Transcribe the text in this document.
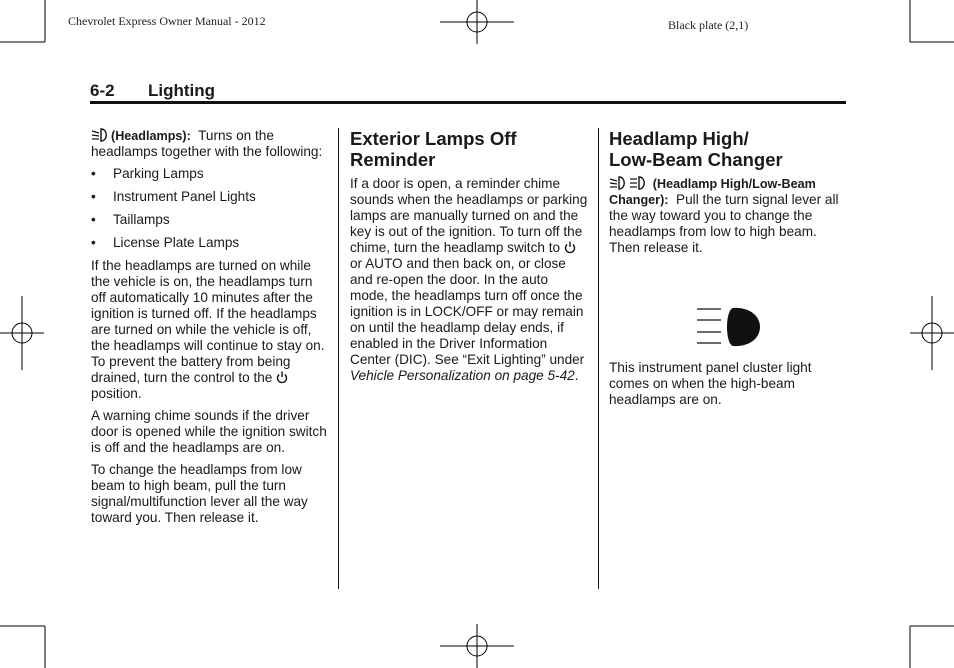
Chevrolet Express Owner Manual - 2012	Black plate (2,1)
6-2 Lighting

(Headlamps): Turns on the headlamps together with the following:

• Parking Lamps
• Instrument Panel Lights
• Taillamps
• License Plate Lamps

If the headlamps are turned on while the vehicle is on, the headlamps turn off automatically 10 minutes after the ignition is turned off. If the headlamps are turned on while the vehicle is off, the headlamps will continue to stay on. To prevent the battery from being drained, turn the control to the position.

A warning chime sounds if the driver door is opened while the ignition switch is off and the headlamps are on.

To change the headlamps from low beam to high beam, pull the turn signal/multifunction lever all the way toward you. Then release it.

Exterior Lamps Off Reminder

If a door is open, a reminder chime sounds when the headlamps or parking lamps are manually turned on and the key is out of the ignition. To turn off the chime, turn the headlamp switch to or AUTO and then back on, or close and re-open the door. In the auto mode, the headlamps turn off once the ignition is in LOCK/OFF or may remain on until the headlamp delay ends, if enabled in the Driver Information Center (DIC). See “Exit Lighting” under Vehicle Personalization on page 5-42.

Headlamp High/
Low-Beam Changer

(Headlamp High/Low-Beam Changer): Pull the turn signal lever all the way toward you to change the headlamps from low to high beam. Then release it.

This instrument panel cluster light comes on when the high-beam headlamps are on.
